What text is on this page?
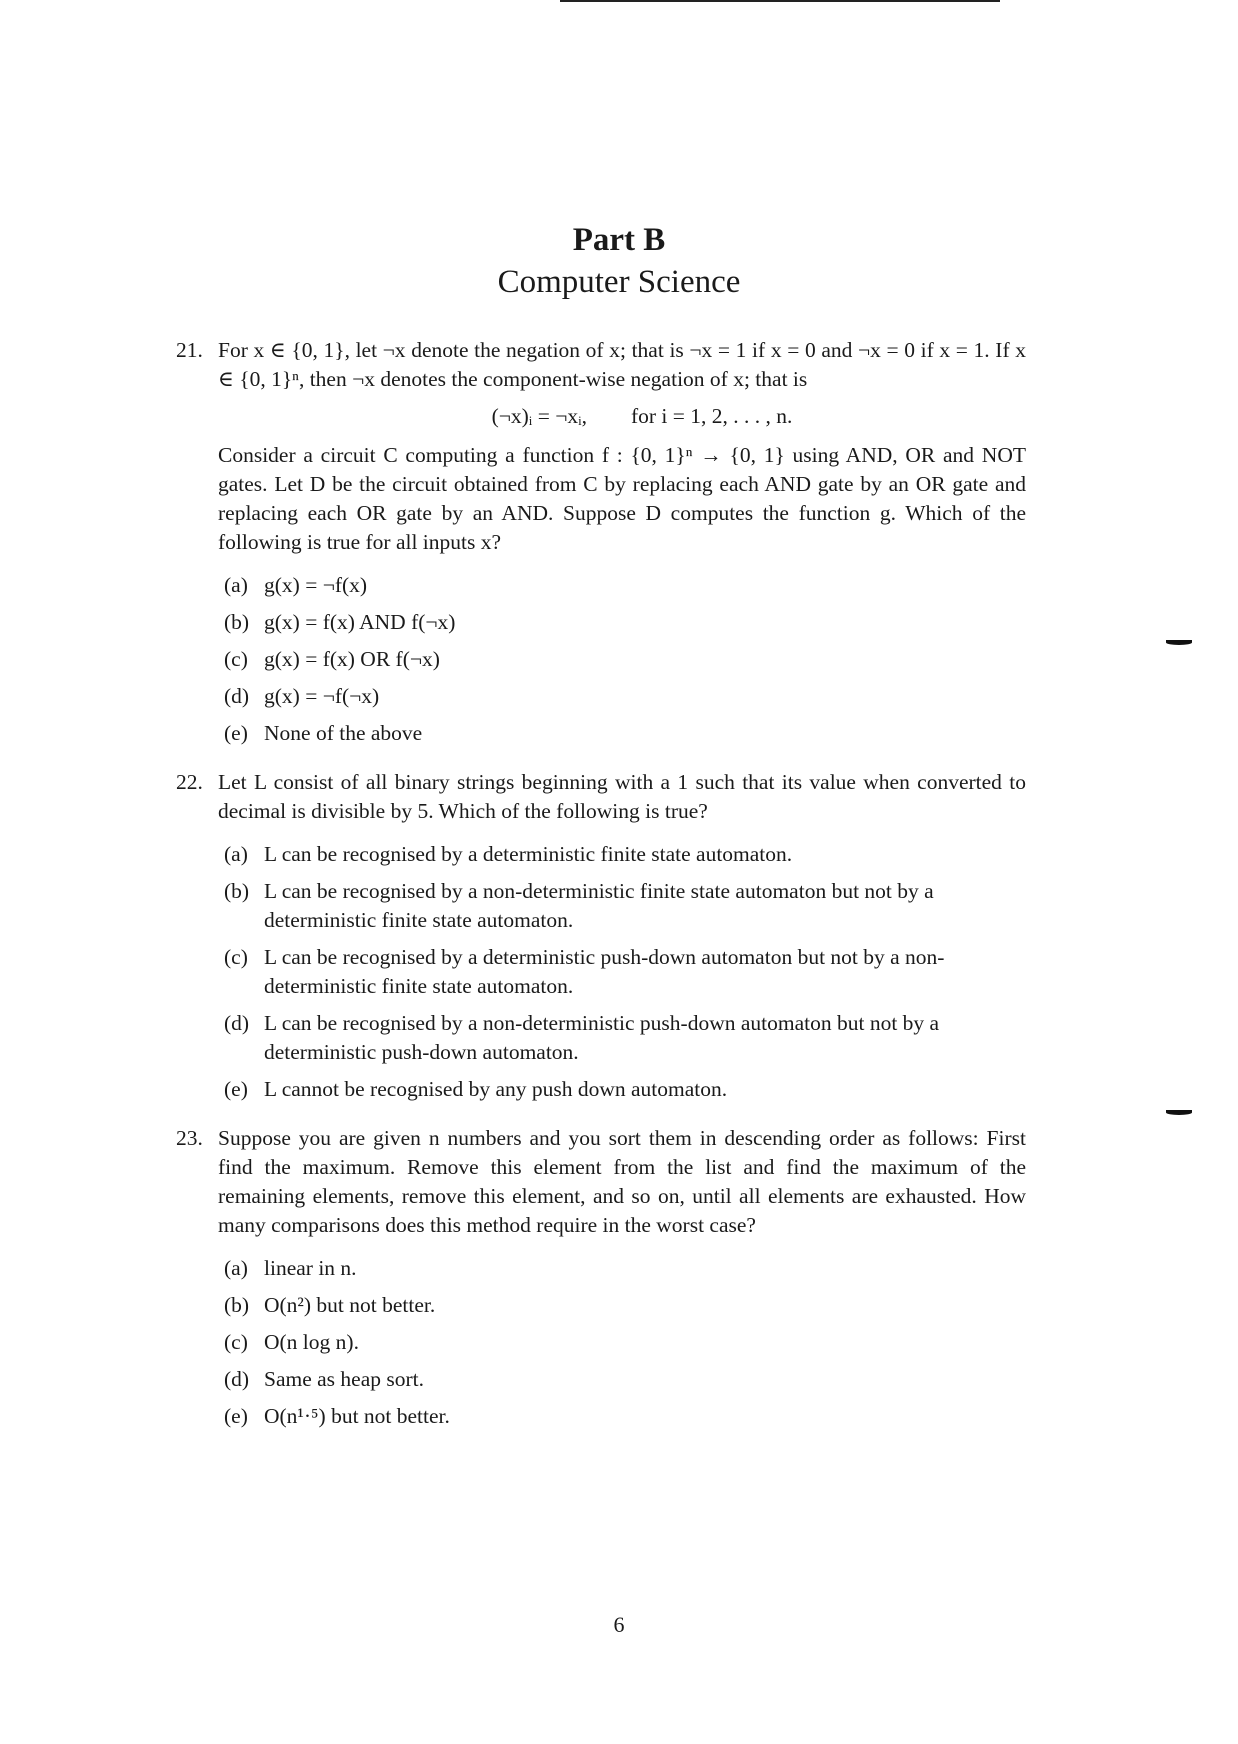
Part B
Computer Science
21. For x ∈ {0, 1}, let ¬x denote the negation of x; that is ¬x = 1 if x = 0 and ¬x = 0 if x = 1. If x ∈ {0, 1}ⁿ, then ¬x denotes the component-wise negation of x; that is

(¬x)ᵢ = ¬xᵢ, for i = 1, 2, . . . , n.

Consider a circuit C computing a function f : {0, 1}ⁿ → {0, 1} using AND, OR and NOT gates. Let D be the circuit obtained from C by replacing each AND gate by an OR gate and replacing each OR gate by an AND. Suppose D computes the function g. Which of the following is true for all inputs x?

(a) g(x) = ¬f(x)
(b) g(x) = f(x) AND f(¬x)
(c) g(x) = f(x) OR f(¬x)
(d) g(x) = ¬f(¬x)
(e) None of the above
22. Let L consist of all binary strings beginning with a 1 such that its value when converted to decimal is divisible by 5. Which of the following is true?

(a) L can be recognised by a deterministic finite state automaton.
(b) L can be recognised by a non-deterministic finite state automaton but not by a deterministic finite state automaton.
(c) L can be recognised by a deterministic push-down automaton but not by a non-deterministic finite state automaton.
(d) L can be recognised by a non-deterministic push-down automaton but not by a deterministic push-down automaton.
(e) L cannot be recognised by any push down automaton.
23. Suppose you are given n numbers and you sort them in descending order as follows: First find the maximum. Remove this element from the list and find the maximum of the remaining elements, remove this element, and so on, until all elements are exhausted. How many comparisons does this method require in the worst case?

(a) linear in n.
(b) O(n²) but not better.
(c) O(n log n).
(d) Same as heap sort.
(e) O(n¹·⁵) but not better.
6
